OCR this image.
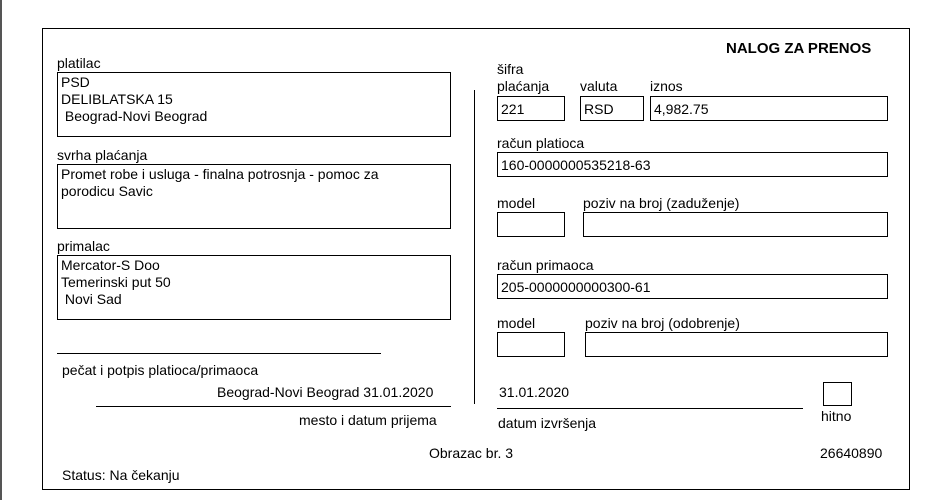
NALOG ZA PRENOS
platilac
PSD
DELIBLATSKA 15
Beograd-Novi Beograd
svrha plaćanja
Promet robe i usluga - finalna potrosnja - pomoc za
porodicu Savic
primalac
Mercator-S Doo
Temerinski put 50
Novi Sad
pečat i potpis platioca/primaoca
Beograd-Novi Beograd 31.01.2020
mesto i datum prijema
šifra
plaćanja valuta iznos
221	RSD	4,982.75
račun platioca
160-0000000535218-63
model	poziv na broj (zaduženje)
račun primaoca
205-0000000000300-61
model	poziv na broj (odobrenje)
31.01.2020
datum izvršenja	hitno
Obrazac br. 3	26640890
Status: Na čekanju
